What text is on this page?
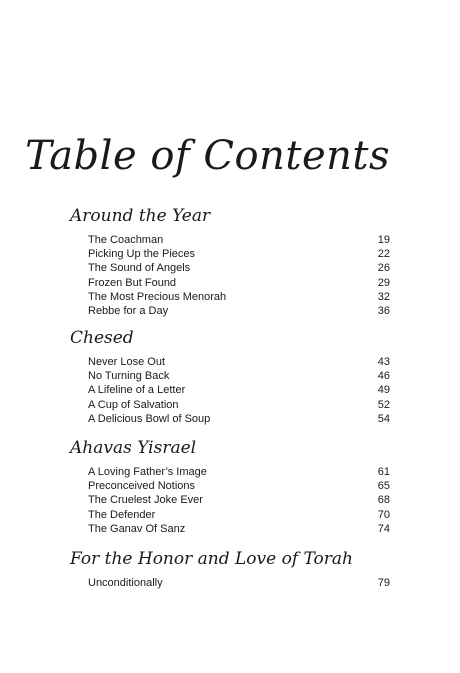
Table of Contents
Around the Year
The Coachman	19
Picking Up the Pieces	22
The Sound of Angels	26
Frozen But Found	29
The Most Precious Menorah	32
Rebbe for a Day	36
Chesed
Never Lose Out	43
No Turning Back	46
A Lifeline of a Letter	49
A Cup of Salvation	52
A Delicious Bowl of Soup	54
Ahavas Yisrael
A Loving Father’s Image	61
Preconceived Notions	65
The Cruelest Joke Ever	68
The Defender	70
The Ganav Of Sanz	74
For the Honor and Love of Torah
Unconditionally	79
